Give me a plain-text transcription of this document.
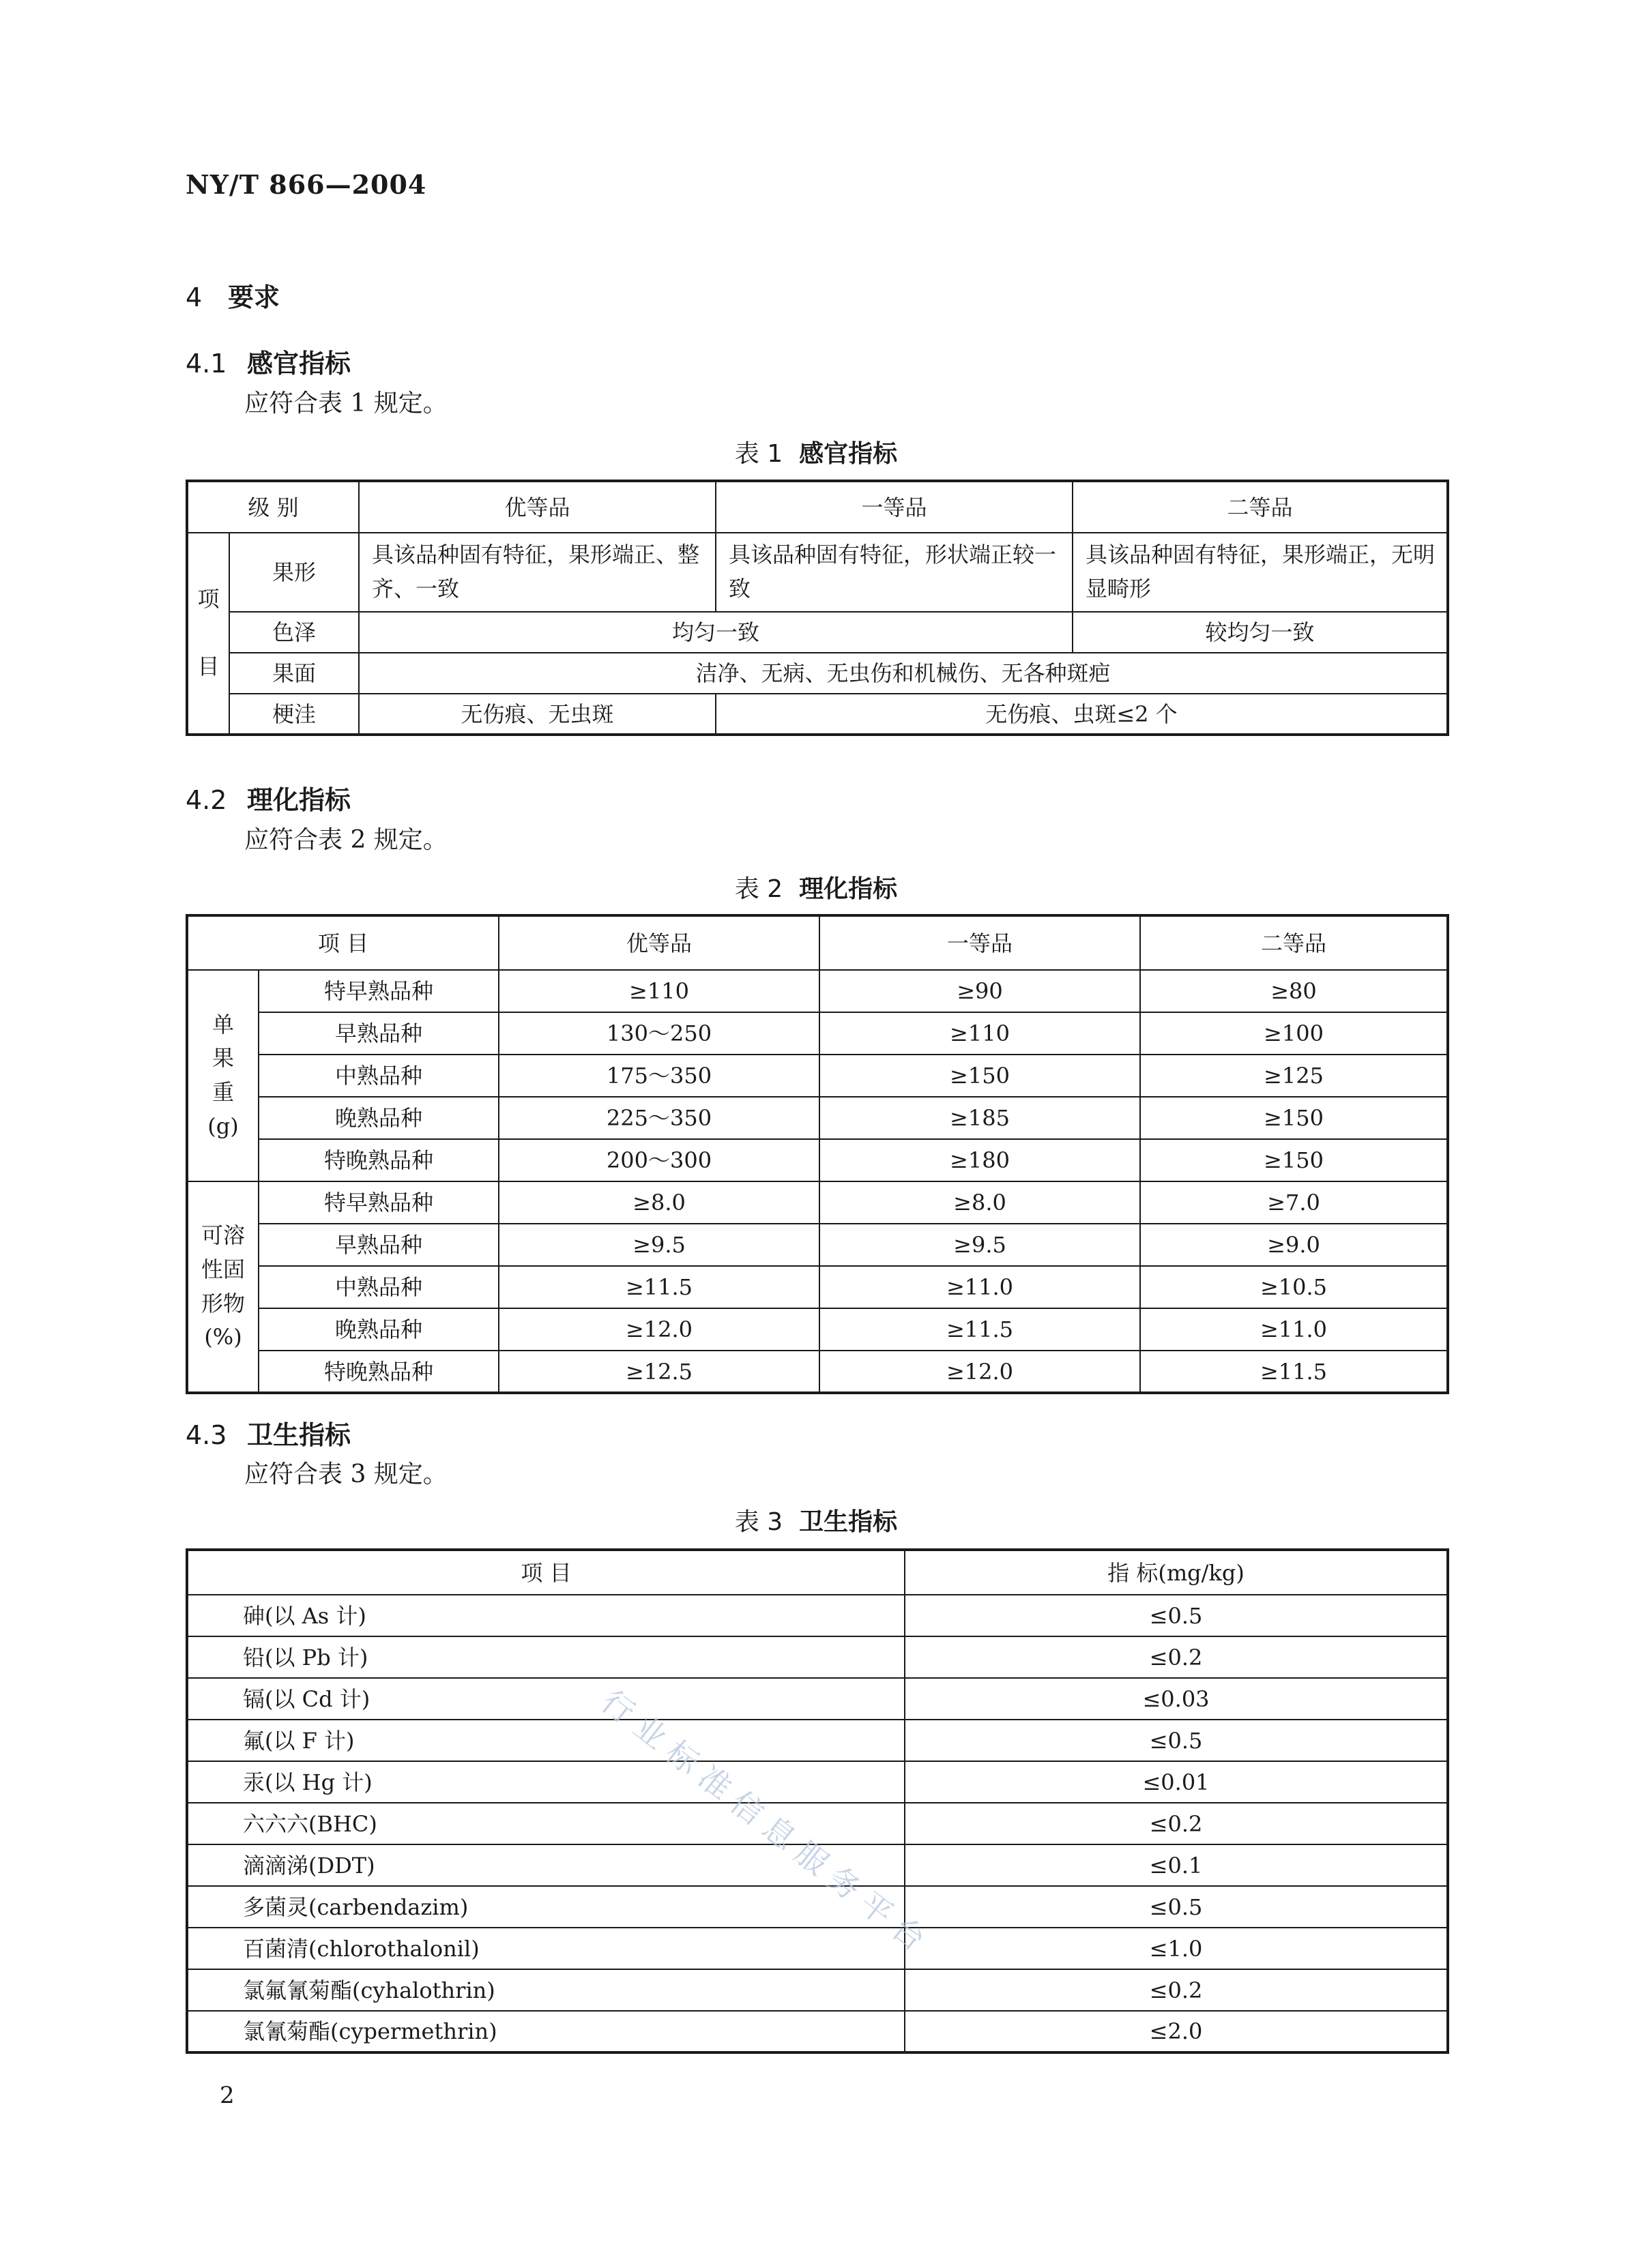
NY/T 866—2004
4 要求
4.1 感官指标
应符合表 1 规定。
表 1 感官指标
级 别		优等品	一等品	二等品
项

目	果形	具该品种固有特征，果形端正、整齐、一致	具该品种固有特征，形状端正较一致	具该品种固有特征，果形端正，无明显畸形
	色泽	均匀一致		较均匀一致
	果面	洁净、无病、无虫伤和机械伤、无各种斑疤		
	梗洼	无伤痕、无虫斑	无伤痕、虫斑≤2 个	
4.2 理化指标
应符合表 2 规定。
表 2 理化指标
项 目		优等品	一等品	二等品
单
果
重
(g)	特早熟品种	≥110	≥90	≥80
	早熟品种	130～250	≥110	≥100
	中熟品种	175～350	≥150	≥125
	晚熟品种	225～350	≥185	≥150
	特晚熟品种	200～300	≥180	≥150
可溶
性固
形物
(%)	特早熟品种	≥8.0	≥8.0	≥7.0
	早熟品种	≥9.5	≥9.5	≥9.0
	中熟品种	≥11.5	≥11.0	≥10.5
	晚熟品种	≥12.0	≥11.5	≥11.0
	特晚熟品种	≥12.5	≥12.0	≥11.5
4.3 卫生指标
应符合表 3 规定。
表 3 卫生指标
项 目	指 标(mg/kg)
砷(以 As 计)	≤0.5
铅(以 Pb 计)	≤0.2
镉(以 Cd 计)	≤0.03
氟(以 F 计)	≤0.5
汞(以 Hg 计)	≤0.01
六六六(BHC)	≤0.2
滴滴涕(DDT)	≤0.1
多菌灵(carbendazim)	≤0.5
百菌清(chlorothalonil)	≤1.0
氯氟氰菊酯(cyhalothrin)	≤0.2
氯氰菊酯(cypermethrin)	≤2.0
行业标准信息服务平台
2
